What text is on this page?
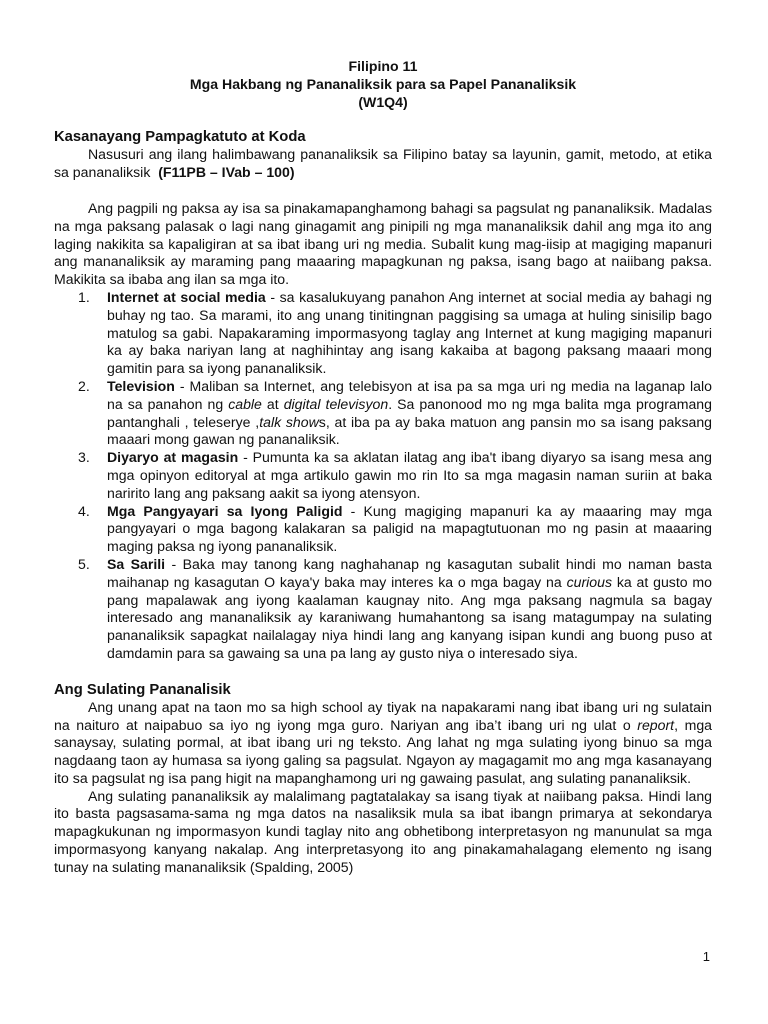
Filipino 11
Mga Hakbang ng Pananaliksik para sa Papel Pananaliksik
(W1Q4)
Kasanayang Pampagkatuto at Koda

Nasusuri ang ilang halimbawang pananaliksik sa Filipino batay sa layunin, gamit, metodo, at etika sa pananaliksik (F11PB – IVab – 100)

Ang pagpili ng paksa ay isa sa pinakamapanghamong bahagi sa pagsulat ng pananaliksik. Madalas na mga paksang palasak o lagi nang ginagamit ang pinipili ng mga mananaliksik dahil ang mga ito ang laging nakikita sa kapaligiran at sa ibat ibang uri ng media. Subalit kung mag-iisip at magiging mapanuri ang mananaliksik ay maraming pang maaaring mapagkunan ng paksa, isang bago at naiibang paksa. Makikita sa ibaba ang ilan sa mga ito.

1. Internet at social media - sa kasalukuyang panahon Ang internet at social media ay bahagi ng buhay ng tao. Sa marami, ito ang unang tinitingnan paggising sa umaga at huling sinisilip bago matulog sa gabi. Napakaraming impormasyong taglay ang Internet at kung magiging mapanuri ka ay baka nariyan lang at naghihintay ang isang kakaiba at bagong paksang maaari mong gamitin para sa iyong pananaliksik.
2. Television - Maliban sa Internet, ang telebisyon at isa pa sa mga uri ng media na laganap lalo na sa panahon ng cable at digital televisyon. Sa panonood mo ng mga balita mga programang pantanghali , teleserye ,talk shows, at iba pa ay baka matuon ang pansin mo sa isang paksang maaari mong gawan ng pananaliksik.
3. Diyaryo at magasin - Pumunta ka sa aklatan ilatag ang iba't ibang diyaryo sa isang mesa ang mga opinyon editoryal at mga artikulo gawin mo rin Ito sa mga magasin naman suriin at baka naririto lang ang paksang aakit sa iyong atensyon.
4. Mga Pangyayari sa Iyong Paligid - Kung magiging mapanuri ka ay maaaring may mga pangyayari o mga bagong kalakaran sa paligid na mapagtutuonan mo ng pasin at maaaring maging paksa ng iyong pananaliksik.
5. Sa Sarili - Baka may tanong kang naghahanap ng kasagutan subalit hindi mo naman basta maihanap ng kasagutan O kaya'y baka may interes ka o mga bagay na curious ka at gusto mo pang mapalawak ang iyong kaalaman kaugnay nito. Ang mga paksang nagmula sa bagay interesado ang mananaliksik ay karaniwang humahantong sa isang matagumpay na sulating pananaliksik sapagkat nailalagay niya hindi lang ang kanyang isipan kundi ang buong puso at damdamin para sa gawaing sa una pa lang ay gusto niya o interesado siya.
Ang Sulating Pananalisik

Ang unang apat na taon mo sa high school ay tiyak na napakarami nang ibat ibang uri ng sulatain na naituro at naipabuo sa iyo ng iyong mga guro. Nariyan ang iba’t ibang uri ng ulat o report, mga sanaysay, sulating pormal, at ibat ibang uri ng teksto. Ang lahat ng mga sulating iyong binuo sa mga nagdaang taon ay humasa sa iyong galing sa pagsulat. Ngayon ay magagamit mo ang mga kasanayang ito sa pagsulat ng isa pang higit na mapanghamong uri ng gawaing pasulat, ang sulating pananaliksik.

Ang sulating pananaliksik ay malalimang pagtatalakay sa isang tiyak at naiibang paksa. Hindi lang ito basta pagsasama-sama ng mga datos na nasaliksik mula sa ibat ibangn primarya at sekondarya mapagkukunan ng impormasyon kundi taglay nito ang obhetibong interpretasyon ng manunulat sa mga impormasyong kanyang nakalap. Ang interpretasyong ito ang pinakamahalagang elemento ng isang tunay na sulating mananaliksik (Spalding, 2005)

1
